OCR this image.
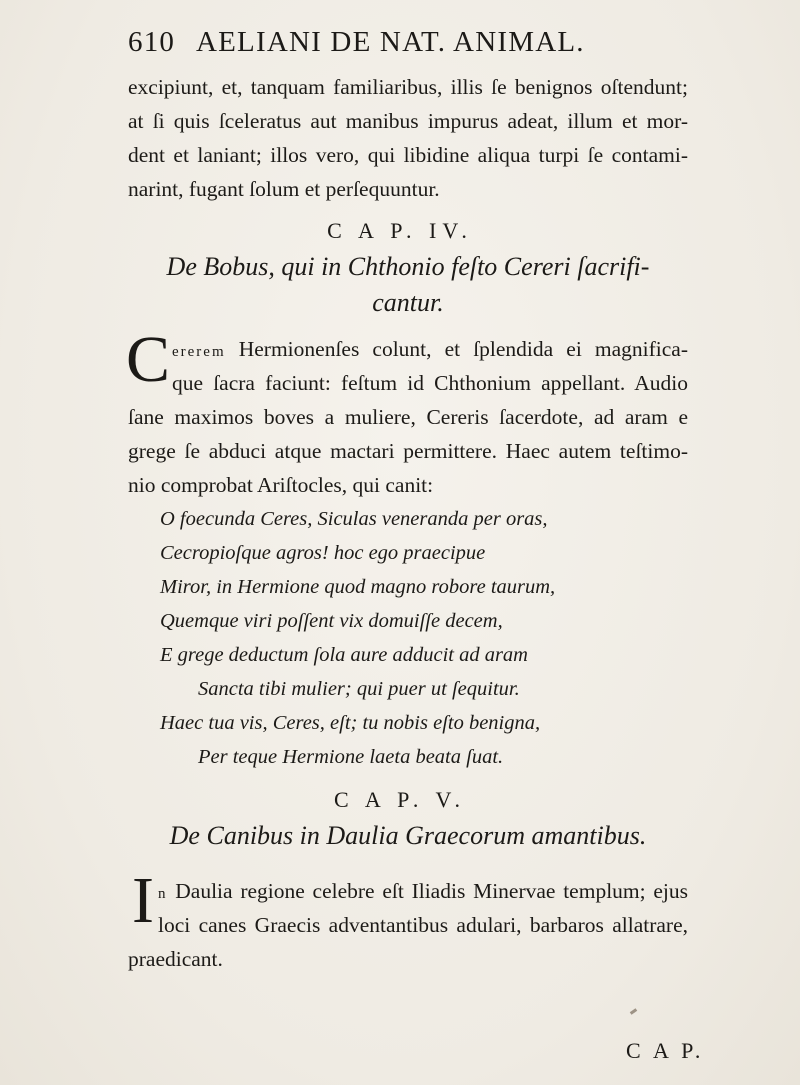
610 AELIANI DE NAT. ANIMAL.
excipiunt, et, tanquam familiaribus, illis ſe benignos oſtendunt;
at ſi quis ſceleratus aut manibus impurus adeat, illum et mor-
dent et laniant; illos vero, qui libidine aliqua turpi ſe contami-
narint, fugant ſolum et perſequuntur.
C A P. IV.
De Bobus, qui in Chthonio feſto Cereri ſacrifi-
cantur.
C ererem Hermionenſes colunt, et ſplendida ei magnifica-
que ſacra faciunt: feſtum id Chthonium appellant. Audio
ſane maximos boves a muliere, Cereris ſacerdote, ad aram e
grege ſe abduci atque mactari permittere. Haec autem teſtimo-
nio comprobat Ariſtocles, qui canit:
O foecunda Ceres, Siculas veneranda per oras,
Cecropioſque agros! hoc ego praecipue
Miror, in Hermione quod magno robore taurum,
Quemque viri poſſent vix domuiſſe decem,
E grege deductum ſola aure adducit ad aram
Sancta tibi mulier; qui puer ut ſequitur.
Haec tua vis, Ceres, eſt; tu nobis eſto benigna,
Per teque Hermione laeta beata ſuat.
C A P. V.
De Canibus in Daulia Graecorum amantibus.
I n Daulia regione celebre eſt Iliadis Minervae templum; ejus
loci canes Graecis adventantibus adulari, barbaros allatrare,
praedicant.
C A P.
